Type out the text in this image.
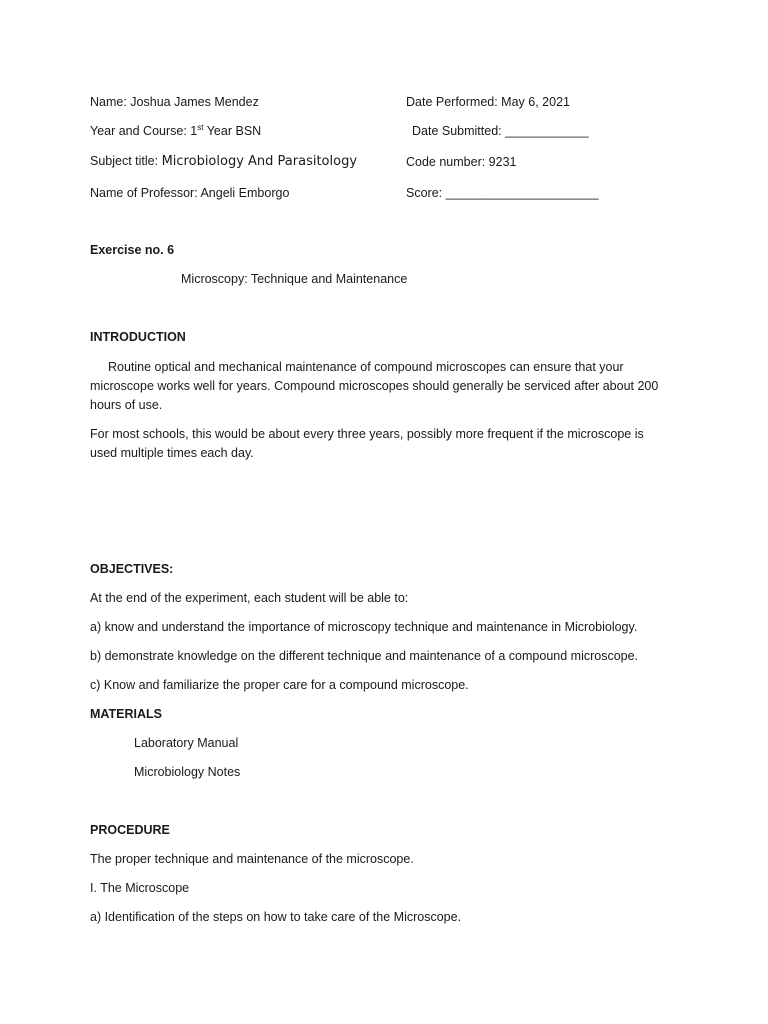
Name: Joshua James Mendez	Date Performed: May 6, 2021
Year and Course: 1st Year BSN	Date Submitted: ____________
Subject title: Microbiology And Parasitology	Code number: 9231
Name of Professor: Angeli Emborgo	Score: ______________________
Exercise no. 6
Microscopy: Technique and Maintenance
INTRODUCTION
Routine optical and mechanical maintenance of compound microscopes can ensure that your microscope works well for years. Compound microscopes should generally be serviced after about 200 hours of use.
For most schools, this would be about every three years, possibly more frequent if the microscope is used multiple times each day.
OBJECTIVES:
At the end of the experiment, each student will be able to:
a) know and understand the importance of microscopy technique and maintenance in Microbiology.
b) demonstrate knowledge on the different technique and maintenance of a compound microscope.
c) Know and familiarize the proper care for a compound microscope.
MATERIALS
Laboratory Manual
Microbiology Notes
PROCEDURE
The proper technique and maintenance of the microscope.
I. The Microscope
a) Identification of the steps on how to take care of the Microscope.
